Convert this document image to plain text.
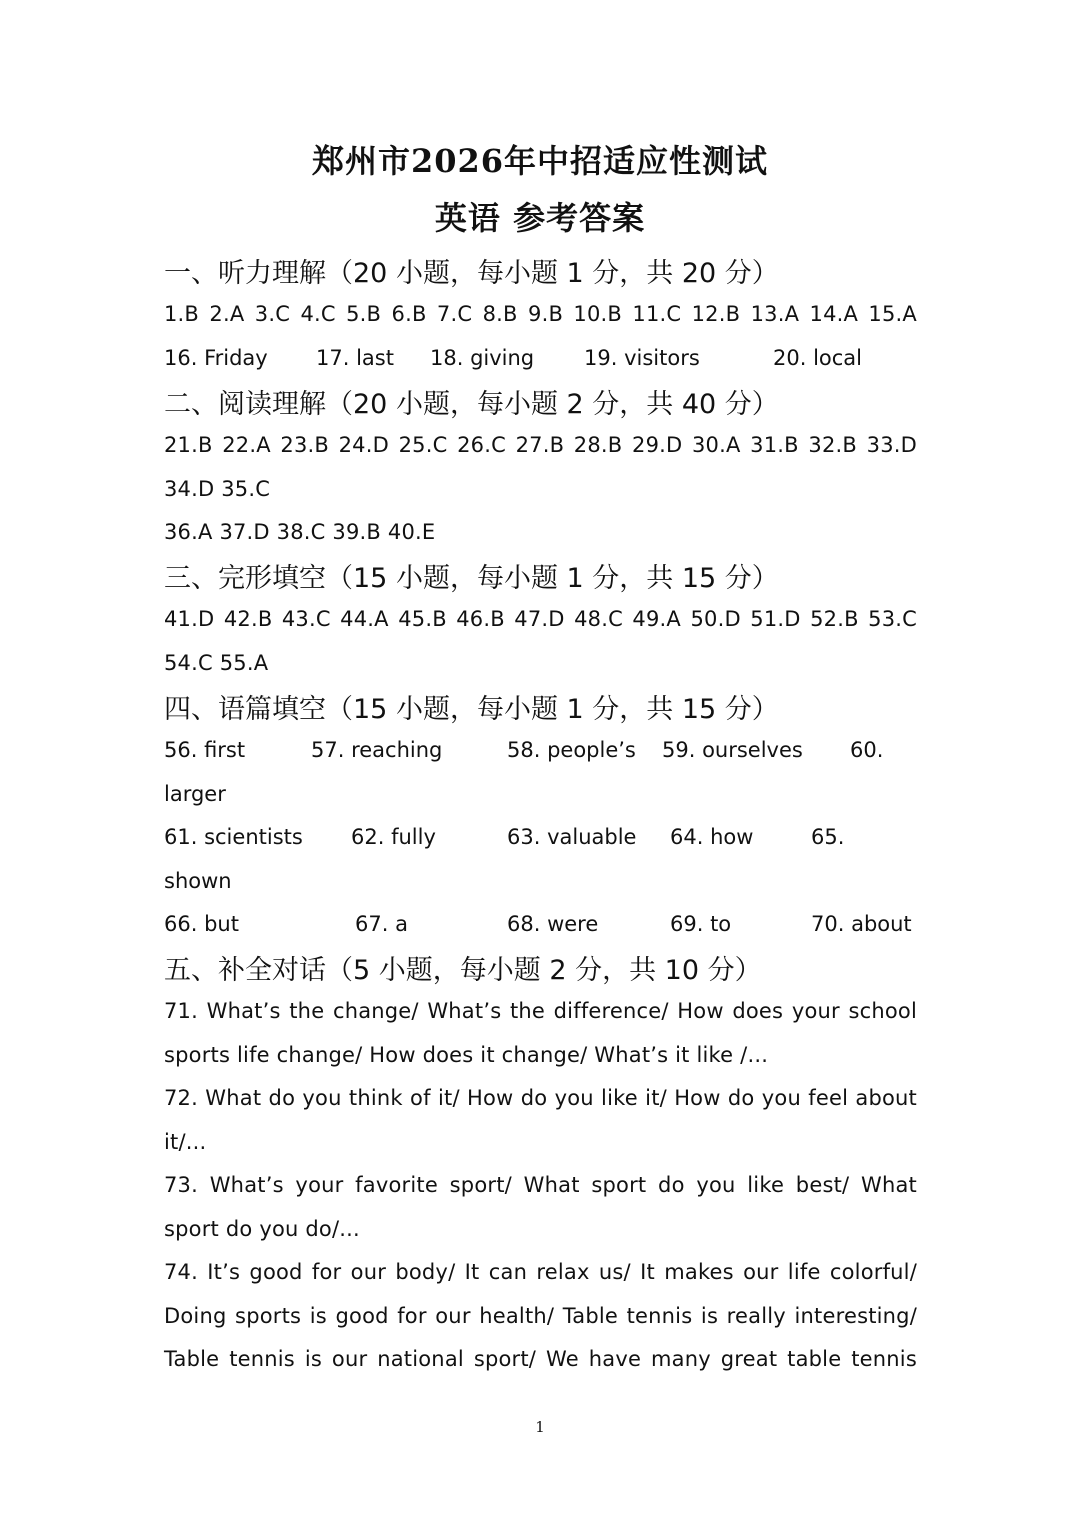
郑州市2026年中招适应性测试
英语 参考答案
一、听力理解（20 小题，每小题 1 分，共 20 分）
1.B 2.A 3.C 4.C 5.B 6.B 7.C 8.B 9.B 10.B 11.C 12.B 13.A 14.A 15.A
16. Friday 17. last 18. giving 19. visitors	20. local
二、阅读理解（20 小题，每小题 2 分，共 40 分）
21.B 22.A 23.B 24.D 25.C 26.C 27.B 28.B 29.D 30.A 31.B 32.B 33.D
34.D 35.C
36.A 37.D 38.C 39.B 40.E
三、完形填空（15 小题，每小题 1 分，共 15 分）
41.D 42.B 43.C 44.A 45.B 46.B 47.D 48.C 49.A 50.D 51.D 52.B 53.C
54.C 55.A
四、语篇填空（15 小题，每小题 1 分，共 15 分）
56. first	57. reaching	58. people’s 59. ourselves 60.
larger
61. scientists 62. fully	63. valuable 64. how	65.
shown
66. but	67. a	68. were	69. to	70. about
五、补全对话（5 小题，每小题 2 分，共 10 分）
71. What’s the change/ What’s the difference/ How does your school
sports life change/ How does it change/ What’s it like /...
72. What do you think of it/ How do you like it/ How do you feel about
it/...
73. What’s your favorite sport/ What sport do you like best/ What
sport do you do/...
74. It’s good for our body/ It can relax us/ It makes our life colorful/
Doing sports is good for our health/ Table tennis is really interesting/
Table tennis is our national sport/ We have many great table tennis
1
